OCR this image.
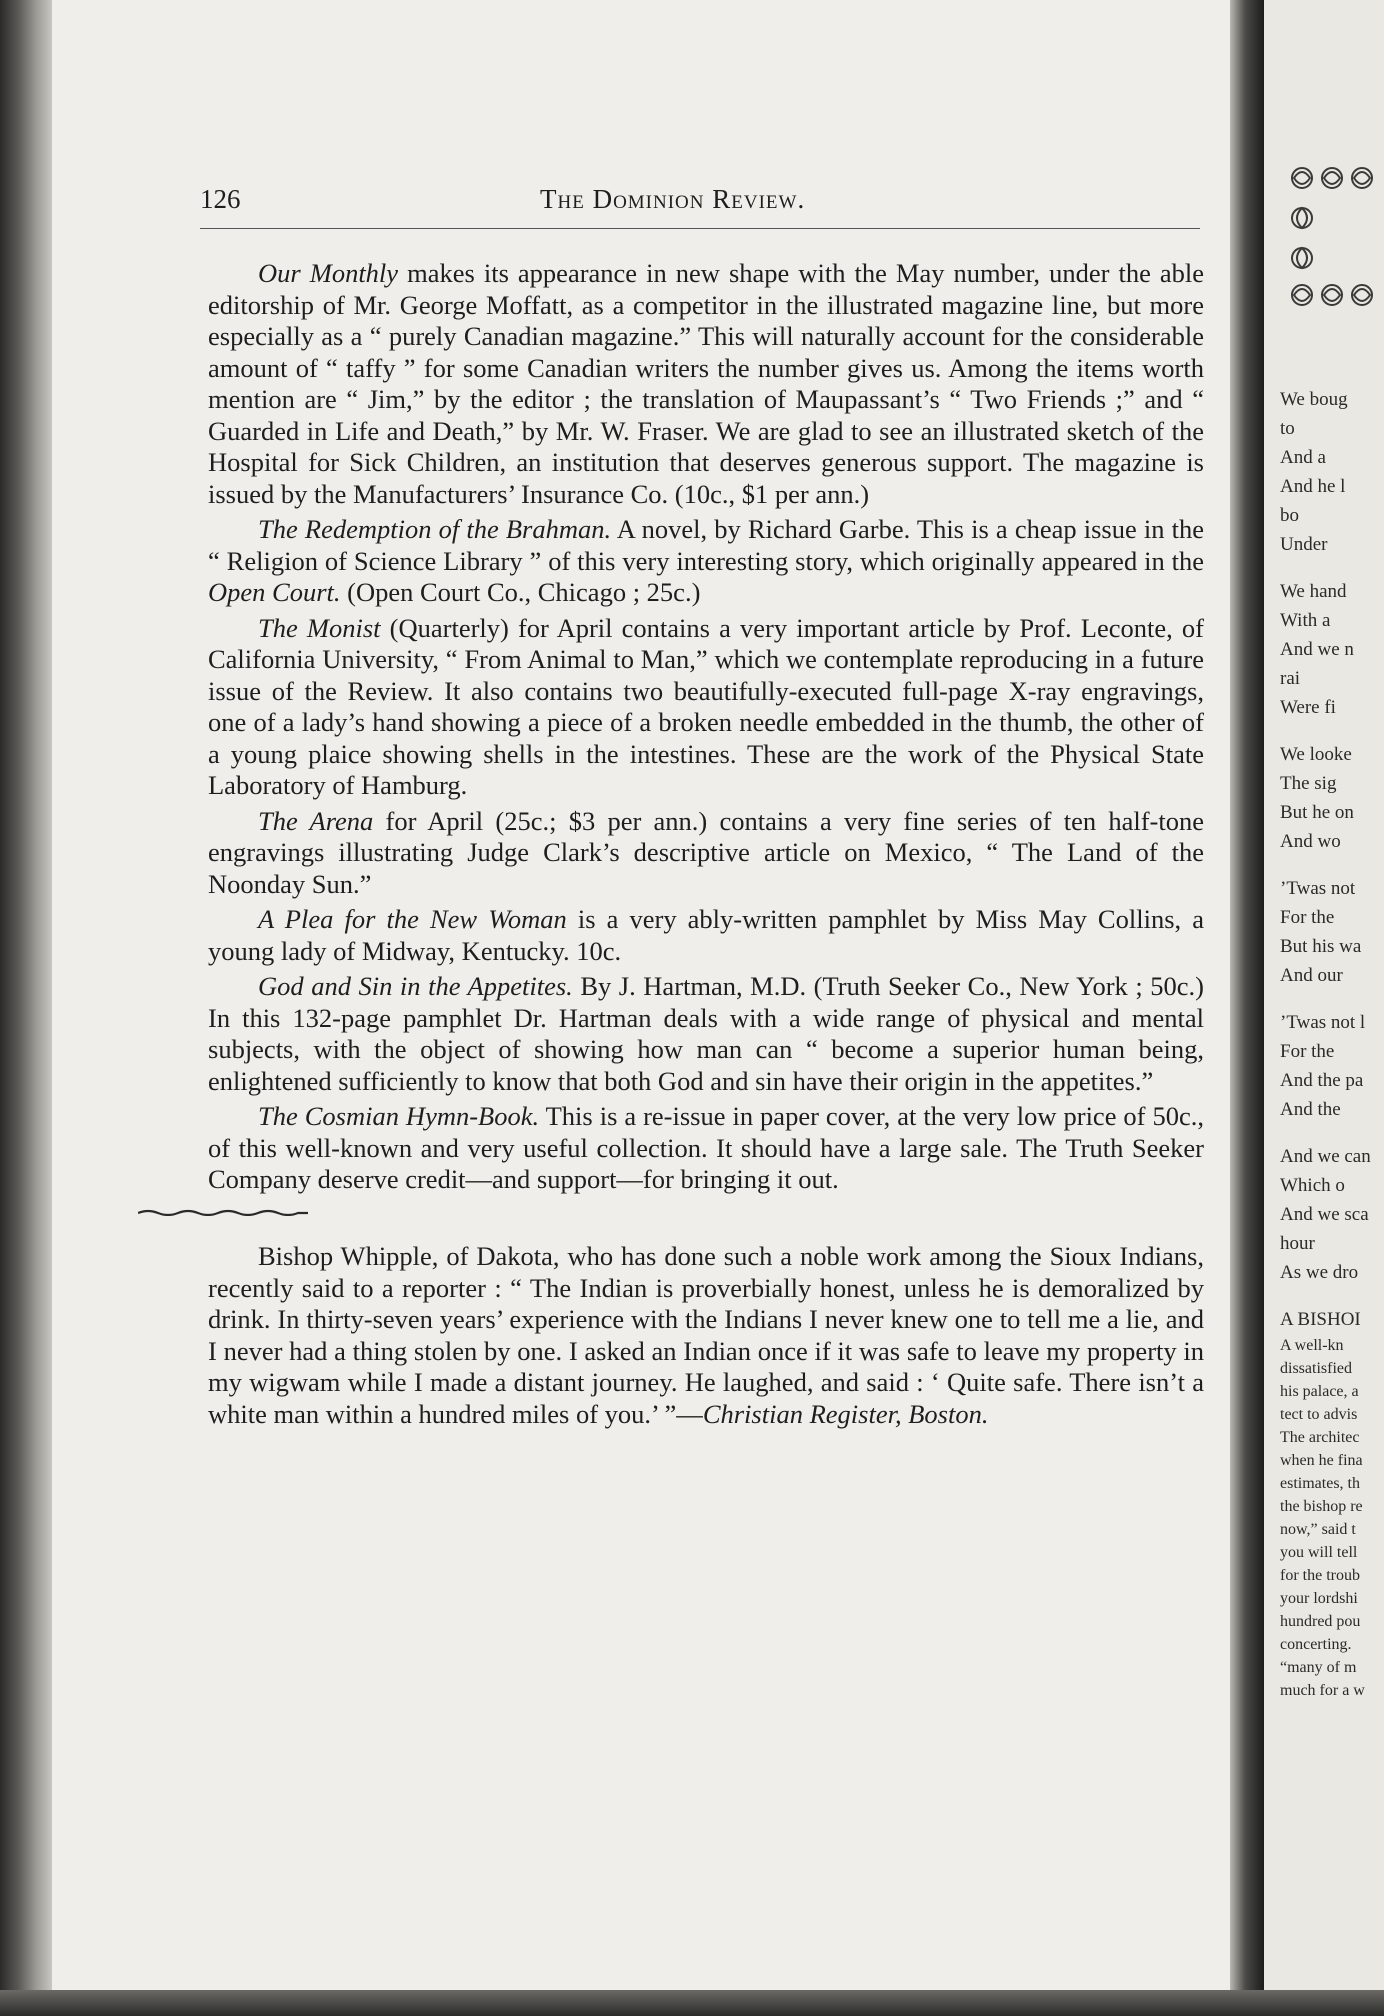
We boug
to
And a
And he l
bo
Under
We hand
With a
And we n
rai
Were fi
We looke
The sig
But he on
And wo
’Twas not
For the
But his wa
And our
’Twas not l
For the
And the pa
And the
And we can
Which o
And we sca
hour
As we dro
A BISHOI
A well-kn
dissatisfied
his palace, a
tect to advis
The architec
when he fina
estimates, th
the bishop re
now,” said t
you will tell
for the troub
your lordshi
hundred pou
concerting.
“many of m
much for a w
126	The Dominion Review.

Our Monthly makes its appearance in new shape with the May number, under the able editorship of Mr. George Moffatt, as a competitor in the illustrated magazine line, but more especially as a “ purely Canadian magazine.” This will naturally account for the considerable amount of “ taffy ” for some Canadian writers the number gives us. Among the items worth mention are “ Jim,” by the editor ; the translation of Maupassant’s “ Two Friends ;” and “ Guarded in Life and Death,” by Mr. W. Fraser. We are glad to see an illustrated sketch of the Hospital for Sick Children, an institution that deserves generous support. The magazine is issued by the Manufacturers’ Insurance Co. (10c., $1 per ann.)

The Redemption of the Brahman. A novel, by Richard Garbe. This is a cheap issue in the “ Religion of Science Library ” of this very interesting story, which originally appeared in the Open Court. (Open Court Co., Chicago ; 25c.)

The Monist (Quarterly) for April contains a very important article by Prof. Leconte, of California University, “ From Animal to Man,” which we contemplate reproducing in a future issue of the Review. It also contains two beautifully-executed full-page X-ray engravings, one of a lady’s hand showing a piece of a broken needle embedded in the thumb, the other of a young plaice showing shells in the intestines. These are the work of the Physical State Laboratory of Hamburg.

The Arena for April (25c.; $3 per ann.) contains a very fine series of ten half-tone engravings illustrating Judge Clark’s descriptive article on Mexico, “ The Land of the Noonday Sun.”

A Plea for the New Woman is a very ably-written pamphlet by Miss May Collins, a young lady of Midway, Kentucky. 10c.

God and Sin in the Appetites. By J. Hartman, M.D. (Truth Seeker Co., New York ; 50c.) In this 132-page pamphlet Dr. Hartman deals with a wide range of physical and mental subjects, with the object of showing how man can “ become a superior human being, enlightened sufficiently to know that both God and sin have their origin in the appetites.”

The Cosmian Hymn-Book. This is a re-issue in paper cover, at the very low price of 50c., of this well-known and very useful collection. It should have a large sale. The Truth Seeker Company deserve credit—and support—for bringing it out.

Bishop Whipple, of Dakota, who has done such a noble work among the Sioux Indians, recently said to a reporter : “ The Indian is proverbially honest, unless he is demoralized by drink. In thirty-seven years’ experience with the Indians I never knew one to tell me a lie, and I never had a thing stolen by one. I asked an Indian once if it was safe to leave my property in my wigwam while I made a distant journey. He laughed, and said : ‘ Quite safe. There isn’t a white man within a hundred miles of you.’ ”—Christian Register, Boston.
